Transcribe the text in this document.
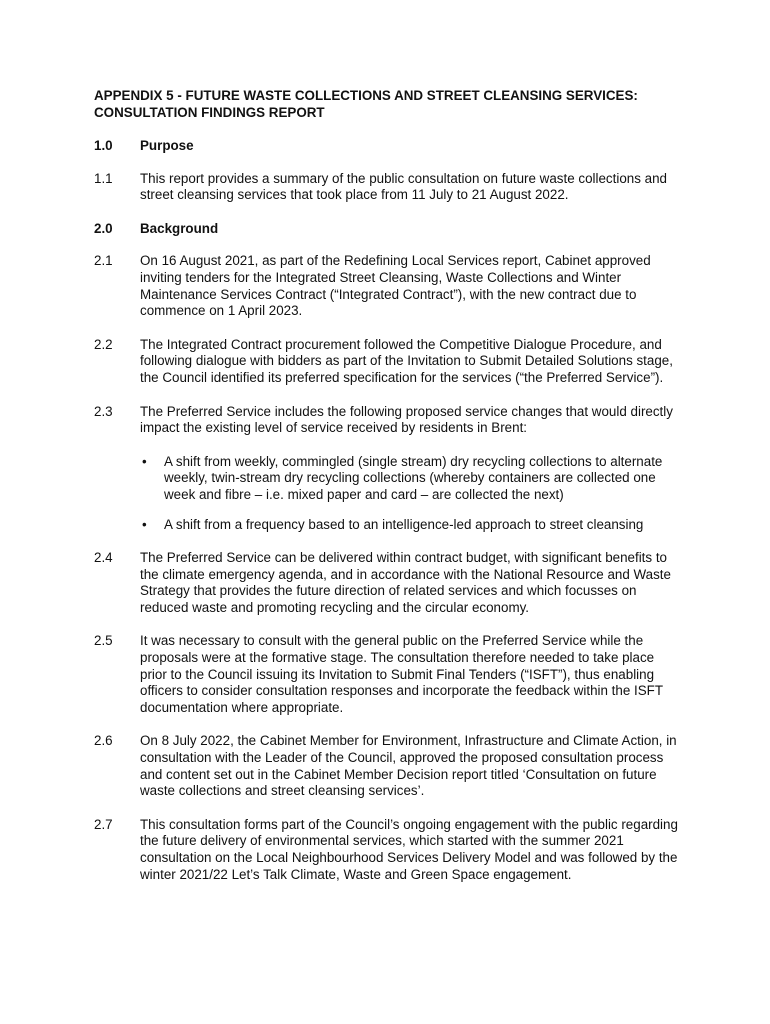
APPENDIX 5 - FUTURE WASTE COLLECTIONS AND STREET CLEANSING SERVICES: CONSULTATION FINDINGS REPORT
1.0	Purpose
1.1	This report provides a summary of the public consultation on future waste collections and street cleansing services that took place from 11 July to 21 August 2022.
2.0	Background
2.1	On 16 August 2021, as part of the Redefining Local Services report, Cabinet approved inviting tenders for the Integrated Street Cleansing, Waste Collections and Winter Maintenance Services Contract (“Integrated Contract”), with the new contract due to commence on 1 April 2023.
2.2	The Integrated Contract procurement followed the Competitive Dialogue Procedure, and following dialogue with bidders as part of the Invitation to Submit Detailed Solutions stage, the Council identified its preferred specification for the services (“the Preferred Service”).
2.3	The Preferred Service includes the following proposed service changes that would directly impact the existing level of service received by residents in Brent:
•	A shift from weekly, commingled (single stream) dry recycling collections to alternate weekly, twin-stream dry recycling collections (whereby containers are collected one week and fibre – i.e. mixed paper and card – are collected the next)
•	A shift from a frequency based to an intelligence-led approach to street cleansing
2.4	The Preferred Service can be delivered within contract budget, with significant benefits to the climate emergency agenda, and in accordance with the National Resource and Waste Strategy that provides the future direction of related services and which focusses on reduced waste and promoting recycling and the circular economy.
2.5	It was necessary to consult with the general public on the Preferred Service while the proposals were at the formative stage. The consultation therefore needed to take place prior to the Council issuing its Invitation to Submit Final Tenders (“ISFT”), thus enabling officers to consider consultation responses and incorporate the feedback within the ISFT documentation where appropriate.
2.6	On 8 July 2022, the Cabinet Member for Environment, Infrastructure and Climate Action, in consultation with the Leader of the Council, approved the proposed consultation process and content set out in the Cabinet Member Decision report titled ‘Consultation on future waste collections and street cleansing services’.
2.7	This consultation forms part of the Council’s ongoing engagement with the public regarding the future delivery of environmental services, which started with the summer 2021 consultation on the Local Neighbourhood Services Delivery Model and was followed by the winter 2021/22 Let’s Talk Climate, Waste and Green Space engagement.
